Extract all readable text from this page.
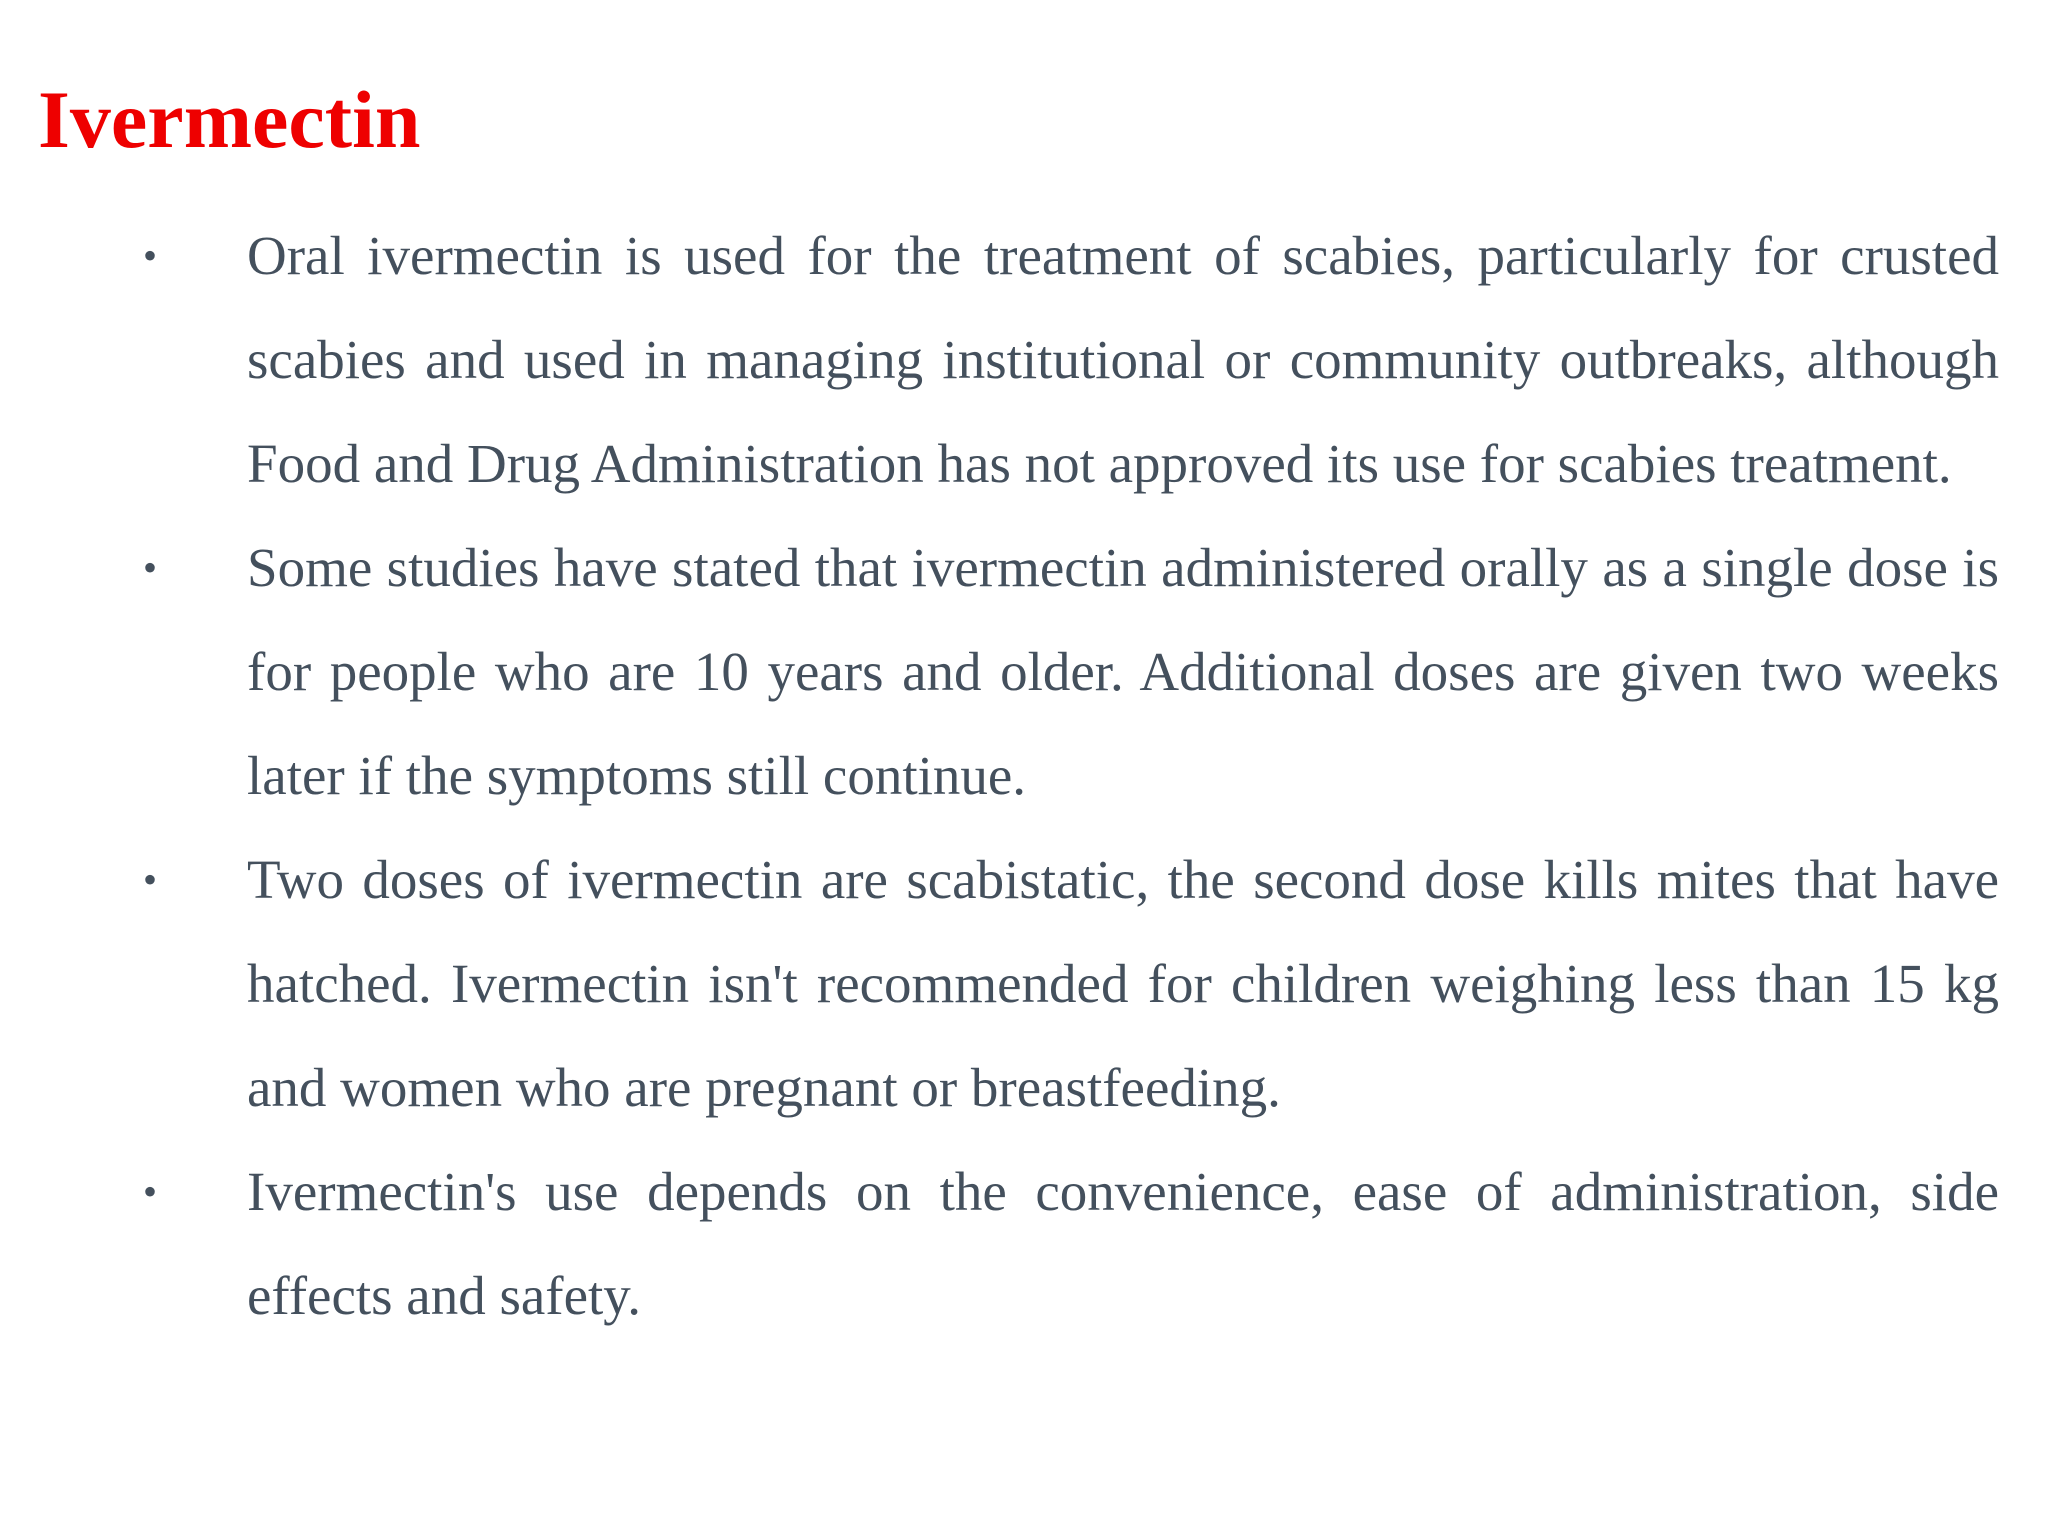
Ivermectin
• Oral ivermectin is used for the treatment of scabies, particularly for crusted scabies and used in managing institutional or community outbreaks, although Food and Drug Administration has not approved its use for scabies treatment.
• Some studies have stated that ivermectin administered orally as a single dose is for people who are 10 years and older. Additional doses are given two weeks later if the symptoms still continue.
• Two doses of ivermectin are scabistatic, the second dose kills mites that have hatched. Ivermectin isn't recommended for children weighing less than 15 kg and women who are pregnant or breastfeeding.
• Ivermectin's use depends on the convenience, ease of administration, side effects and safety.
